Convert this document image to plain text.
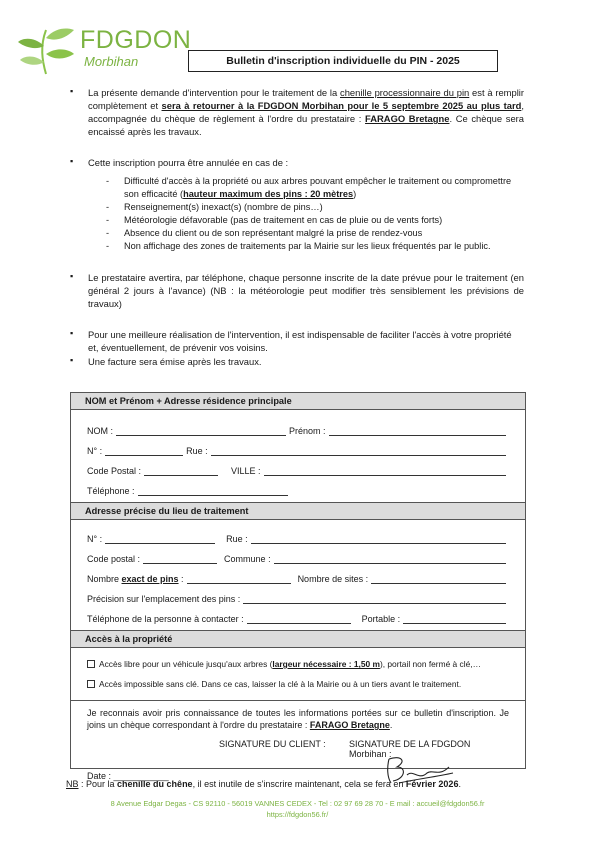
FDGDON
Morbihan	Bulletin d'inscription individuelle du PIN - 2025
▪ La présente demande d'intervention pour le traitement de la chenille processionnaire du pin est à remplir complètement et sera à retourner à la FDGDON Morbihan pour le 5 septembre 2025 au plus tard, accompagnée du chèque de règlement à l'ordre du prestataire : FARAGO Bretagne. Ce chèque sera encaissé après les travaux.
▪ Cette inscription pourra être annulée en cas de :
- Difficulté d'accès à la propriété ou aux arbres pouvant empêcher le traitement ou compromettre son efficacité (hauteur maximum des pins : 20 mètres)
- Renseignement(s) inexact(s) (nombre de pins…)
- Météorologie défavorable (pas de traitement en cas de pluie ou de vents forts)
- Absence du client ou de son représentant malgré la prise de rendez-vous
- Non affichage des zones de traitements par la Mairie sur les lieux fréquentés par le public.
▪ Le prestataire avertira, par téléphone, chaque personne inscrite de la date prévue pour le traitement (en général 2 jours à l'avance) (NB : la météorologie peut modifier très sensiblement les prévisions de travaux)
▪ Pour une meilleure réalisation de l'intervention, il est indispensable de faciliter l'accès à votre propriété et, éventuellement, de prévenir vos voisins.
▪ Une facture sera émise après les travaux.
NOM et Prénom + Adresse résidence principale
NOM :	Prénom :
N° :	Rue :
Code Postal :	VILLE :
Téléphone :
Adresse précise du lieu de traitement
N° :	Rue :
Code postal :	Commune :
Nombre exact de pins :	Nombre de sites :
Précision sur l'emplacement des pins :
Téléphone de la personne à contacter :	Portable :
Accès à la propriété
Accès libre pour un véhicule jusqu'aux arbres ( largeur nécessaire : 1,50 m ), portail non fermé à clé,…
Accès impossible sans clé. Dans ce cas, laisser la clé à la Mairie ou à un tiers avant le traitement.
Je reconnais avoir pris connaissance de toutes les informations portées sur ce bulletin d'inscription. Je joins un chèque correspondant à l'ordre du prestataire : FARAGO Bretagne.
SIGNATURE DU CLIENT :	SIGNATURE DE LA FDGDON Morbihan :
Date : ___________
NB : Pour la chenille du chêne, il est inutile de s'inscrire maintenant, cela se fera en Février 2026.
8 Avenue Edgar Degas - CS 92110 - 56019 VANNES CEDEX - Tel : 02 97 69 28 70 - E mail : accueil@fdgdon56.fr
https://fdgdon56.fr/
